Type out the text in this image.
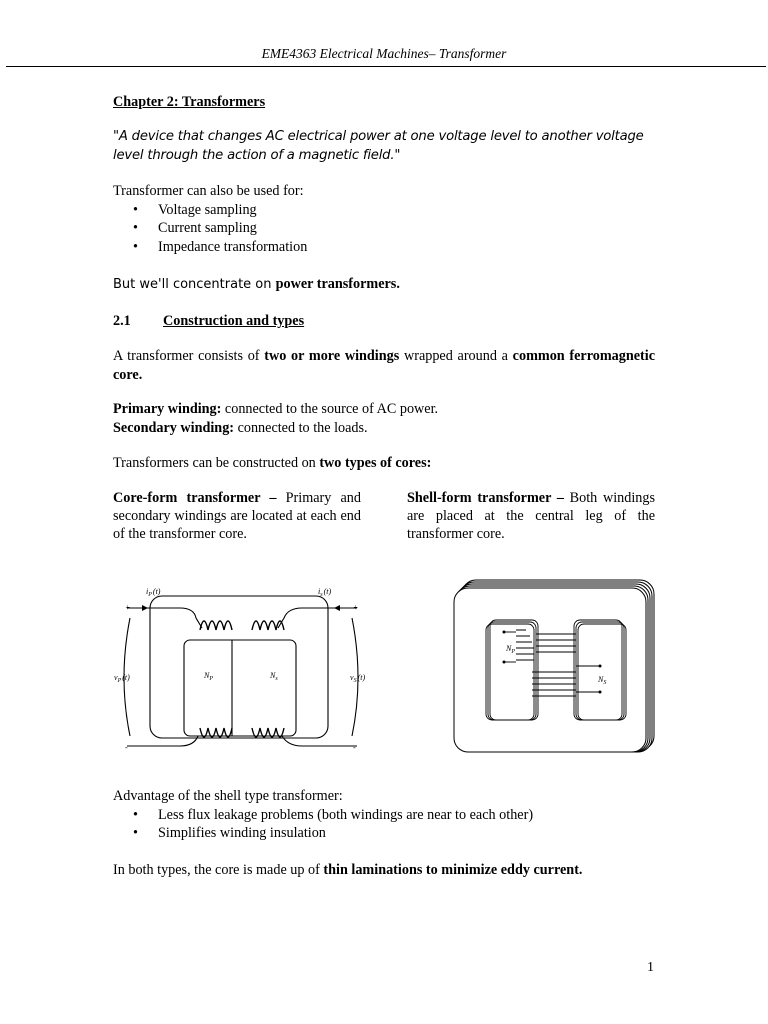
EME4363 Electrical Machines– Transformer
Chapter 2: Transformers
"A device that changes AC electrical power at one voltage level to another voltage level through the action of a magnetic field."
Transformer can also be used for:
• Voltage sampling
• Current sampling
• Impedance transformation
But we'll concentrate on power transformers.
2.1 Construction and types
A transformer consists of two or more windings wrapped around a common ferromagnetic core.
Primary winding: connected to the source of AC power.
Secondary winding: connected to the loads.
Transformers can be constructed on two types of cores:
Core-form transformer – Primary and secondary windings are located at each end of the transformer core.
Shell-form transformer – Both windings are placed at the central leg of the transformer core.
$i_P(t)$	$i_s(t)$
$v_P(t)$	$v_S(t)$
$N_P$	$N_s$
+	+
-	-
$N_P$
$N_S$
Advantage of the shell type transformer:
• Less flux leakage problems (both windings are near to each other)
• Simplifies winding insulation
In both types, the core is made up of thin laminations to minimize eddy current.
1
